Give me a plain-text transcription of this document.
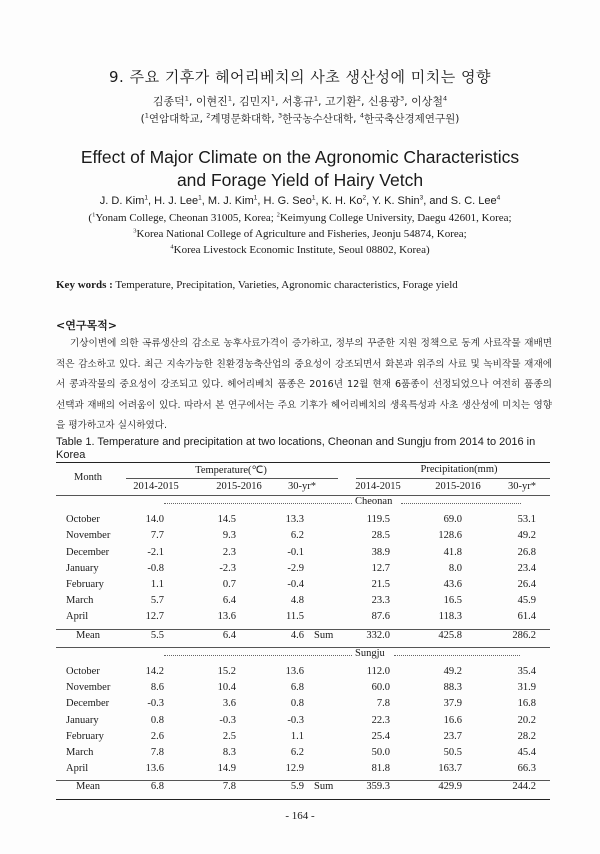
9. 주요 기후가 헤어리베치의 사초 생산성에 미치는 영향
김종덕$^1$, 이현진$^1$, 김민지$^1$, 서홍규$^1$, 고기환$^2$, 신용광$^3$, 이상철$^4$
($^1$연암대학교, $^2$계명문화대학, $^3$한국농수산대학, $^4$한국축산경제연구원)
Effect of Major Climate on the Agronomic Characteristics
and Forage Yield of Hairy Vetch
J. D. Kim$^1$, H. J. Lee$^1$, M. J. Kim$^1$, H. G. Seo$^1$, K. H. Ko$^2$, Y. K. Shin$^3$, and S. C. Lee$^4$
($^1$Yonam College, Cheonan 31005, Korea; $^2$Keimyung College University, Daegu 42601, Korea;
$^3$Korea National College of Agriculture and Fisheries, Jeonju 54874, Korea;
$^4$Korea Livestock Economic Institute, Seoul 08802, Korea)
Key words : Temperature, Precipitation, Varieties, Agronomic characteristics, Forage yield
<연구목적>
기상이변에 의한 곡류생산의 감소로 농후사료가격이 증가하고, 정부의 꾸준한 지원 정책으로 동계 사료작물 재배면적은 감소하고 있다. 최근 지속가능한 친환경농축산업의 중요성이 강조되면서 화본과 위주의 사료 및 녹비작물 재재에서 콩과작물의 중요성이 강조되고 있다. 헤어리베치 품종은 2016년 12월 현재 6품종이 선정되었으나 여전히 품종의 선택과 재배의 어려움이 있다. 따라서 본 연구에서는 주요 기후가 헤어리베치의 생육특성과 사초 생산성에 미치는 영향을 평가하고자 실시하였다.
Table 1. Temperature and precipitation at two locations, Cheonan and Sungju from 2014 to 2016 in Korea
Month
Temperature(℃)	Precipitation(mm)
2014-2015	2015-2016	30-yr*	2014-2015	2015-2016	30-yr*
Cheonan
October	14.0	14.5	13.3	119.5	69.0	53.1
November	7.7	9.3	6.2	28.5	128.6	49.2
December	-2.1	2.3	-0.1	38.9	41.8	26.8
January	-0.8	-2.3	-2.9	12.7	8.0	23.4
February	1.1	0.7	-0.4	21.5	43.6	26.4
March	5.7	6.4	4.8	23.3	16.5	45.9
April	12.7	13.6	11.5	87.6	118.3	61.4
Mean	5.5	6.4	4.6 Sum	332.0	425.8	286.2
Sungju
October	14.2	15.2	13.6	112.0	49.2	35.4
November	8.6	10.4	6.8	60.0	88.3	31.9
December	-0.3	3.6	0.8	7.8	37.9	16.8
January	0.8	-0.3	-0.3	22.3	16.6	20.2
February	2.6	2.5	1.1	25.4	23.7	28.2
March	7.8	8.3	6.2	50.0	50.5	45.4
April	13.6	14.9	12.9	81.8	163.7	66.3
Mean	6.8	7.8	5.9 Sum	359.3	429.9	244.2
- 164 -
